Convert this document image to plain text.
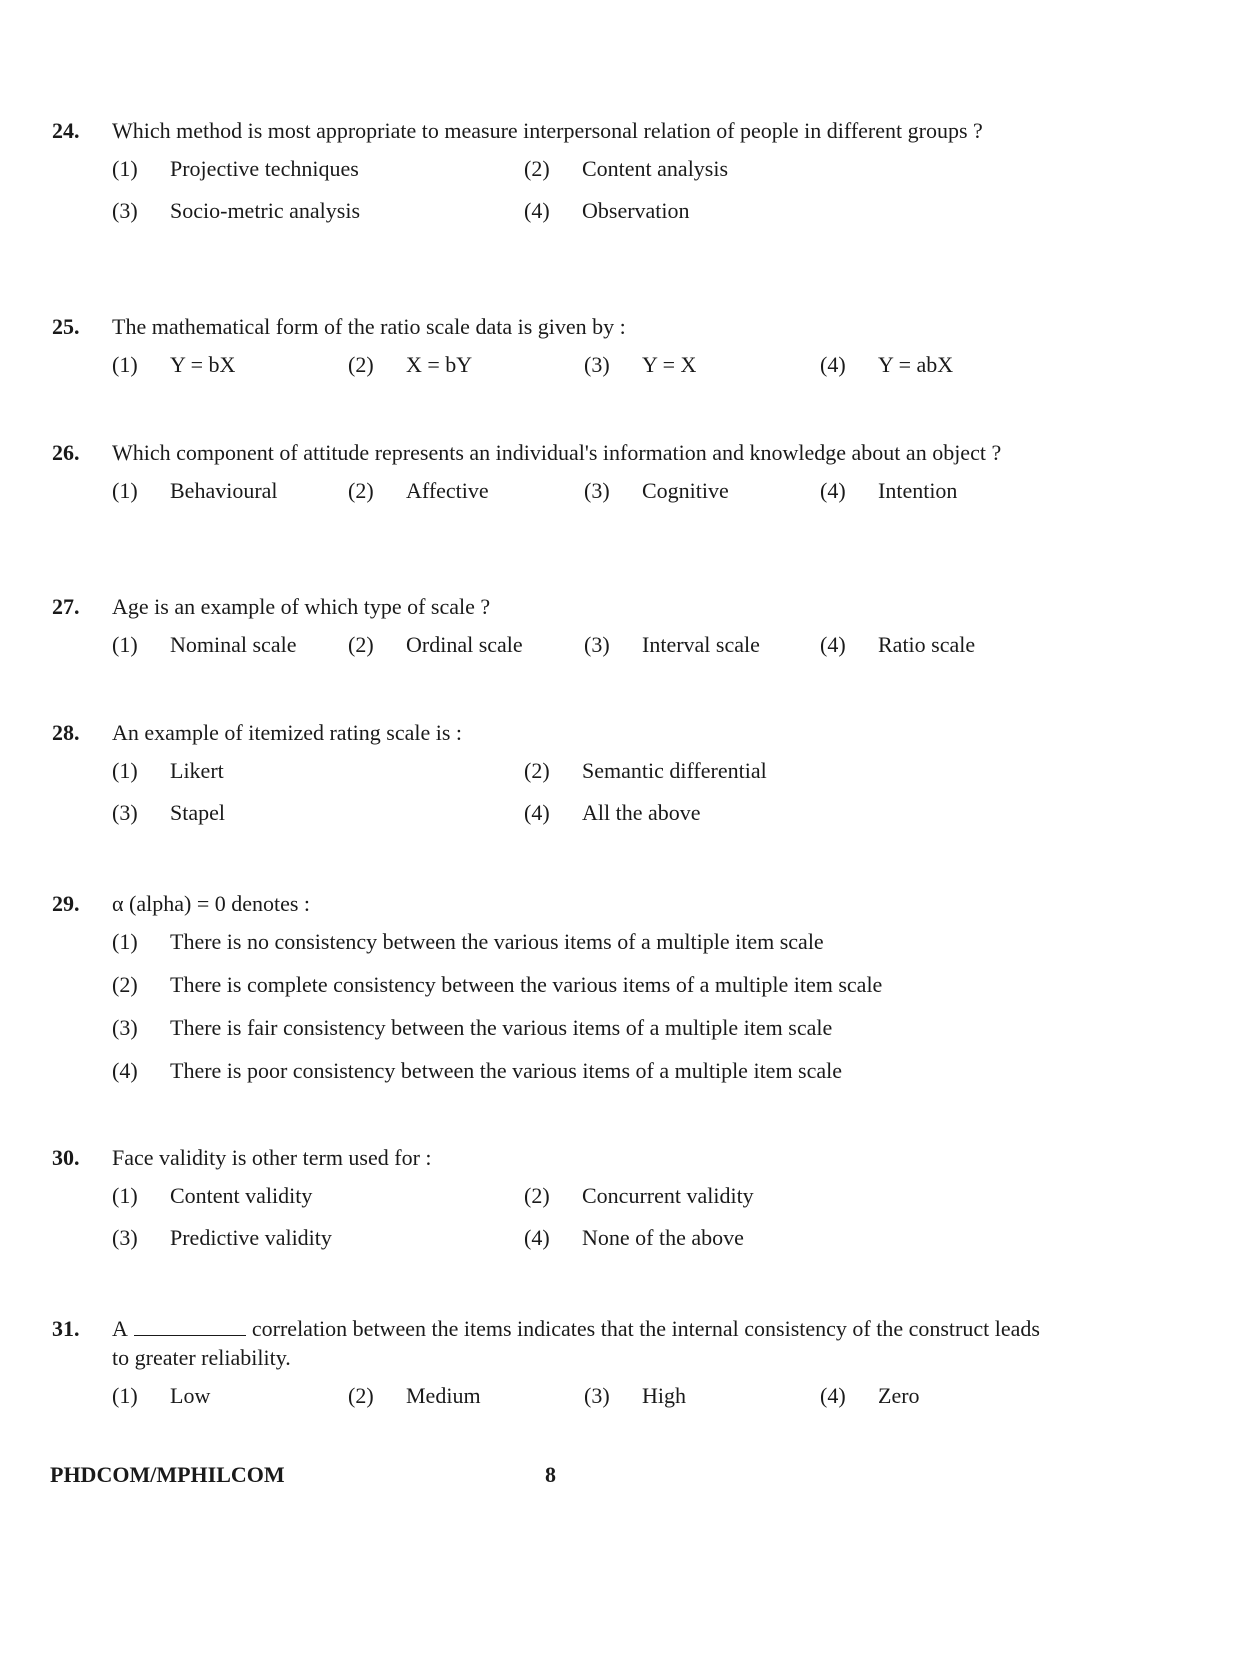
24.	Which method is most appropriate to measure interpersonal relation of people in different groups ?
(1) Projective techniques	(2) Content analysis
(3) Socio-metric analysis	(4) Observation
25.	The mathematical form of the ratio scale data is given by :
(1) Y = bX	(2) X = bY	(3) Y = X	(4) Y = abX
26.	Which component of attitude represents an individual's information and knowledge about an object ?
(1) Behavioural	(2) Affective	(3) Cognitive	(4) Intention
27.	Age is an example of which type of scale ?
(1) Nominal scale (2) Ordinal scale	(3) Interval scale	(4) Ratio scale
28.	An example of itemized rating scale is :
(1) Likert	(2) Semantic differential
(3) Stapel	(4) All the above
29.	α (alpha) = 0 denotes :
(1) There is no consistency between the various items of a multiple item scale
(2) There is complete consistency between the various items of a multiple item scale
(3) There is fair consistency between the various items of a multiple item scale
(4) There is poor consistency between the various items of a multiple item scale
30.	Face validity is other term used for :
(1) Content validity	(2) Concurrent validity
(3) Predictive validity	(4) None of the above
31.	A	correlation between the items indicates that the internal consistency of the construct leads to greater reliability.
(1) Low	(2) Medium	(3) High	(4) Zero
PHDCOM/MPHILCOM	8
